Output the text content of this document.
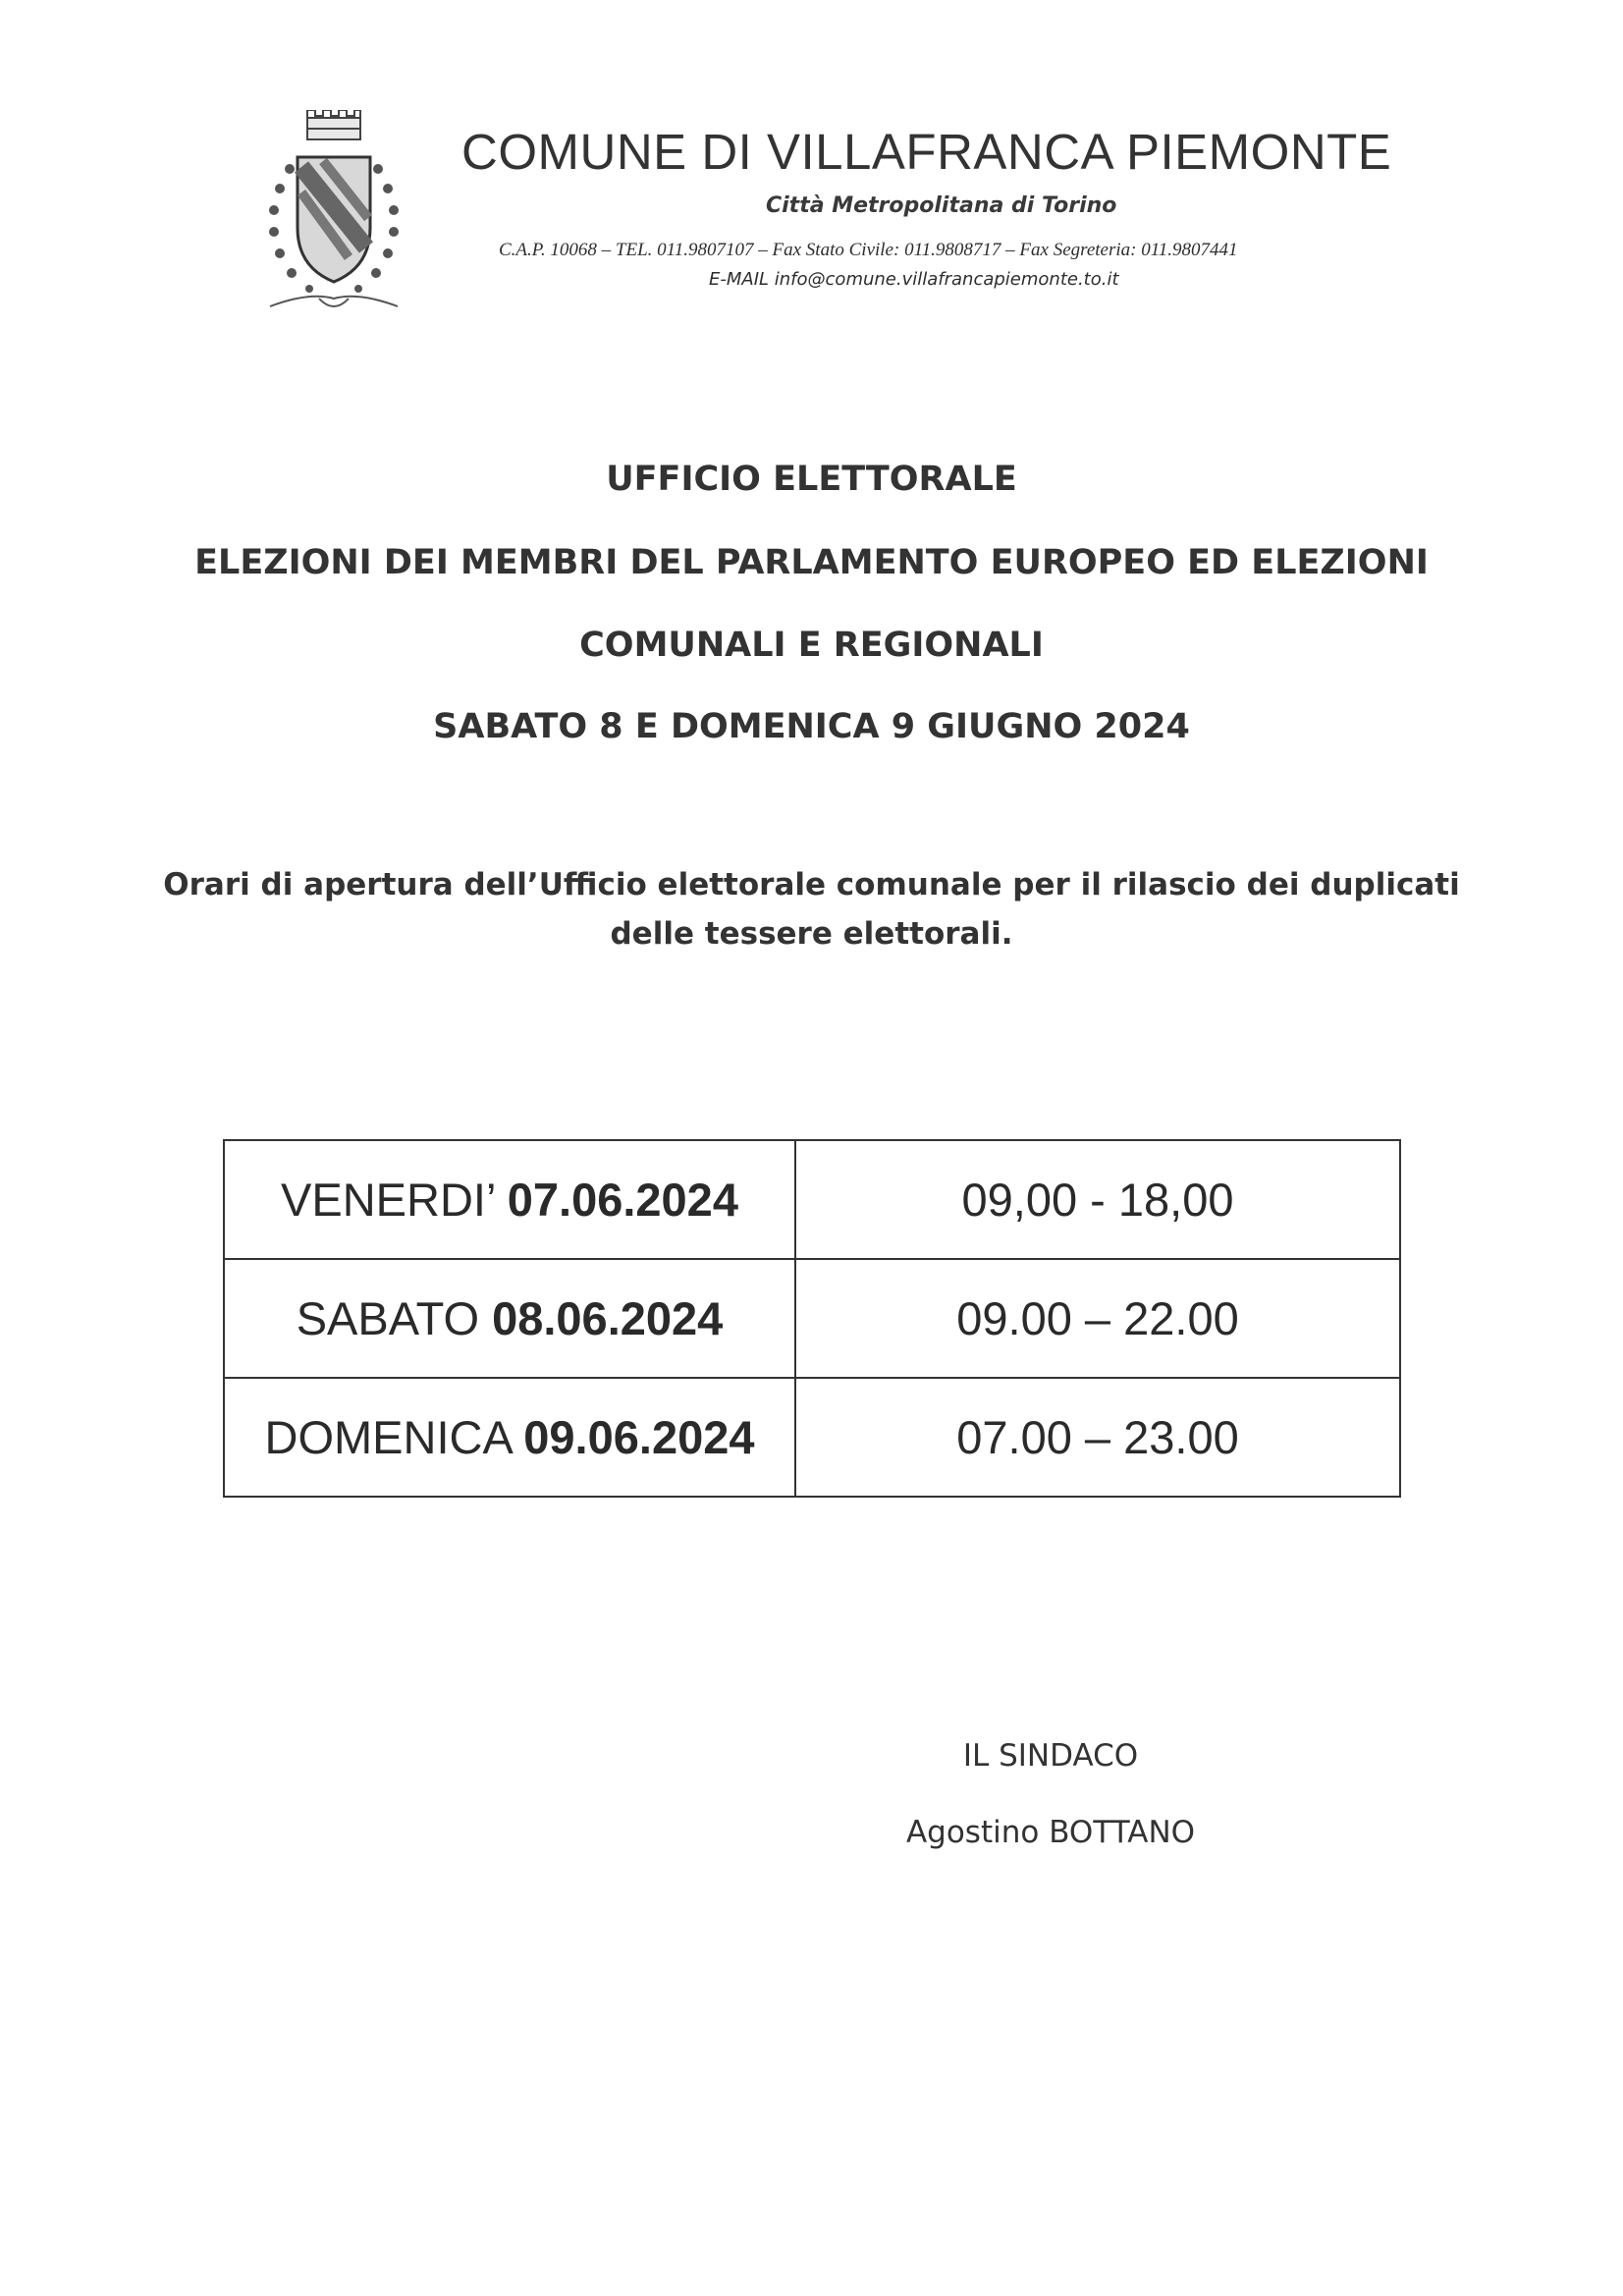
COMUNE DI VILLAFRANCA PIEMONTE
Città Metropolitana di Torino
C.A.P. 10068 – TEL. 011.9807107 – Fax Stato Civile: 011.9808717 – Fax Segreteria: 011.9807441
E-MAIL info@comune.villafrancapiemonte.to.it

UFFICIO ELETTORALE

ELEZIONI DEI MEMBRI DEL PARLAMENTO EUROPEO ED ELEZIONI

COMUNALI E REGIONALI

SABATO 8 E DOMENICA 9 GIUGNO 2024

Orari di apertura dell’Ufficio elettorale comunale per il rilascio dei duplicati
delle tessere elettorali.
VENERDI’ 07.06.2024	09,00 - 18,00
SABATO 08.06.2024	09.00 – 22.00
DOMENICA 09.06.2024	07.00 – 23.00
IL SINDACO
Agostino BOTTANO
